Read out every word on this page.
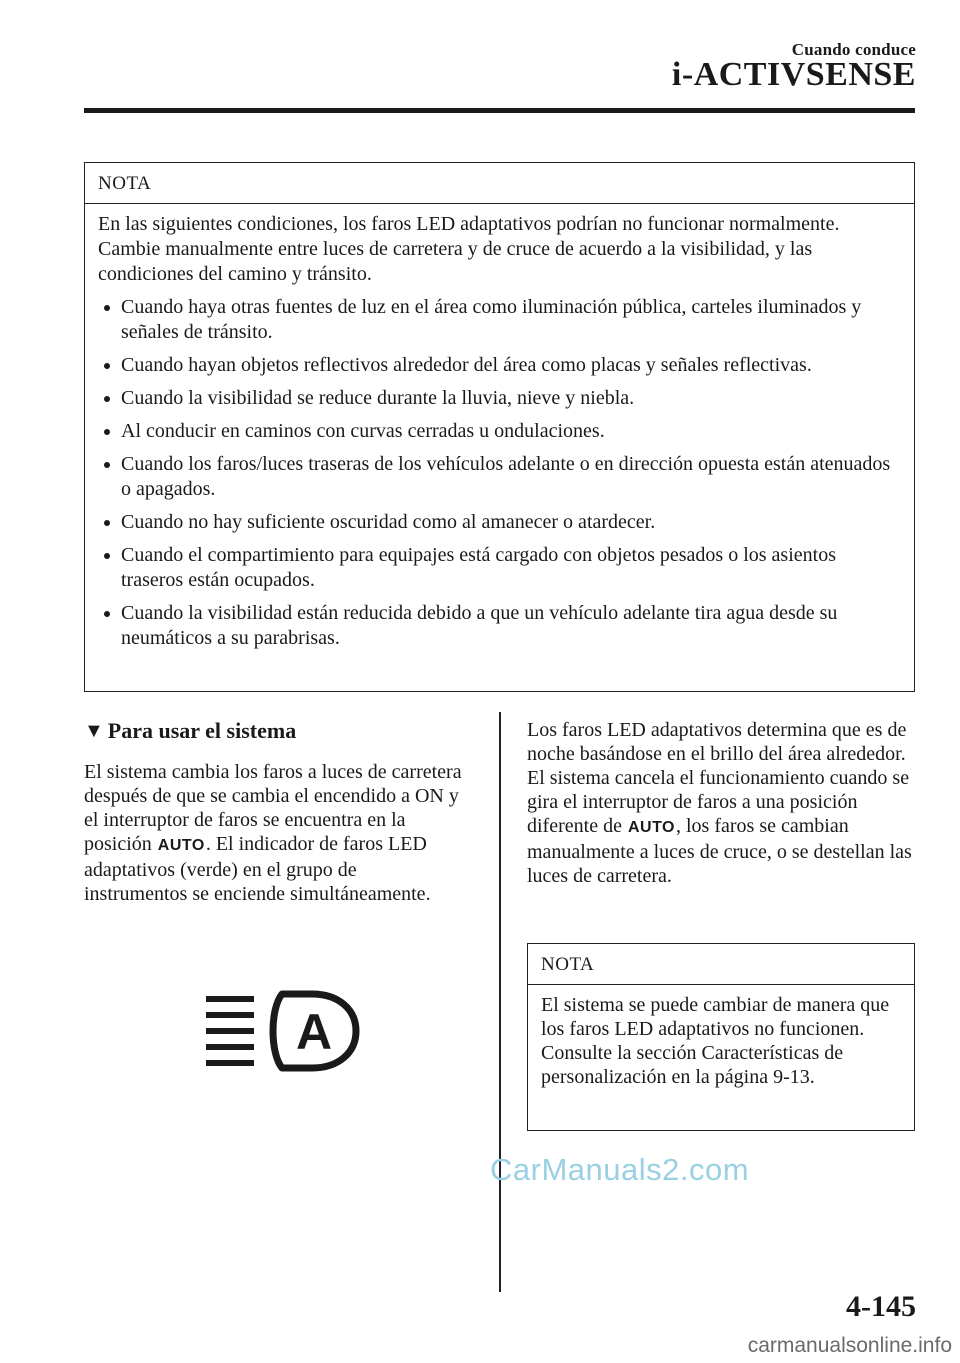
Cuando conduce
i-ACTIVSENSE
NOTA

En las siguientes condiciones, los faros LED adaptativos podrían no funcionar normalmente. Cambie manualmente entre luces de carretera y de cruce de acuerdo a la visibilidad, y las condiciones del camino y tránsito.

Cuando haya otras fuentes de luz en el área como iluminación pública, carteles iluminados y señales de tránsito.
Cuando hayan objetos reflectivos alrededor del área como placas y señales reflectivas.
Cuando la visibilidad se reduce durante la lluvia, nieve y niebla.
Al conducir en caminos con curvas cerradas u ondulaciones.
Cuando los faros/luces traseras de los vehículos adelante o en dirección opuesta están atenuados o apagados.
Cuando no hay suficiente oscuridad como al amanecer o atardecer.
Cuando el compartimiento para equipajes está cargado con objetos pesados o los asientos traseros están ocupados.
Cuando la visibilidad están reducida debido a que un vehículo adelante tira agua desde su neumáticos a su parabrisas.
▼ Para usar el sistema

El sistema cambia los faros a luces de carretera después de que se cambia el encendido a ON y el interruptor de faros se encuentra en la posición AUTO. El indicador de faros LED adaptativos (verde) en el grupo de instrumentos se enciende simultáneamente.

A

Los faros LED adaptativos determina que es de noche basándose en el brillo del área alrededor.

El sistema cancela el funcionamiento cuando se gira el interruptor de faros a una posición diferente de AUTO, los faros se cambian manualmente a luces de cruce, o se destellan las luces de carretera.

NOTA

El sistema se puede cambiar de manera que los faros LED adaptativos no funcionen. Consulte la sección Características de personalización en la página 9-13.

CarManuals2.com
4-145
carmanualsonline.info
